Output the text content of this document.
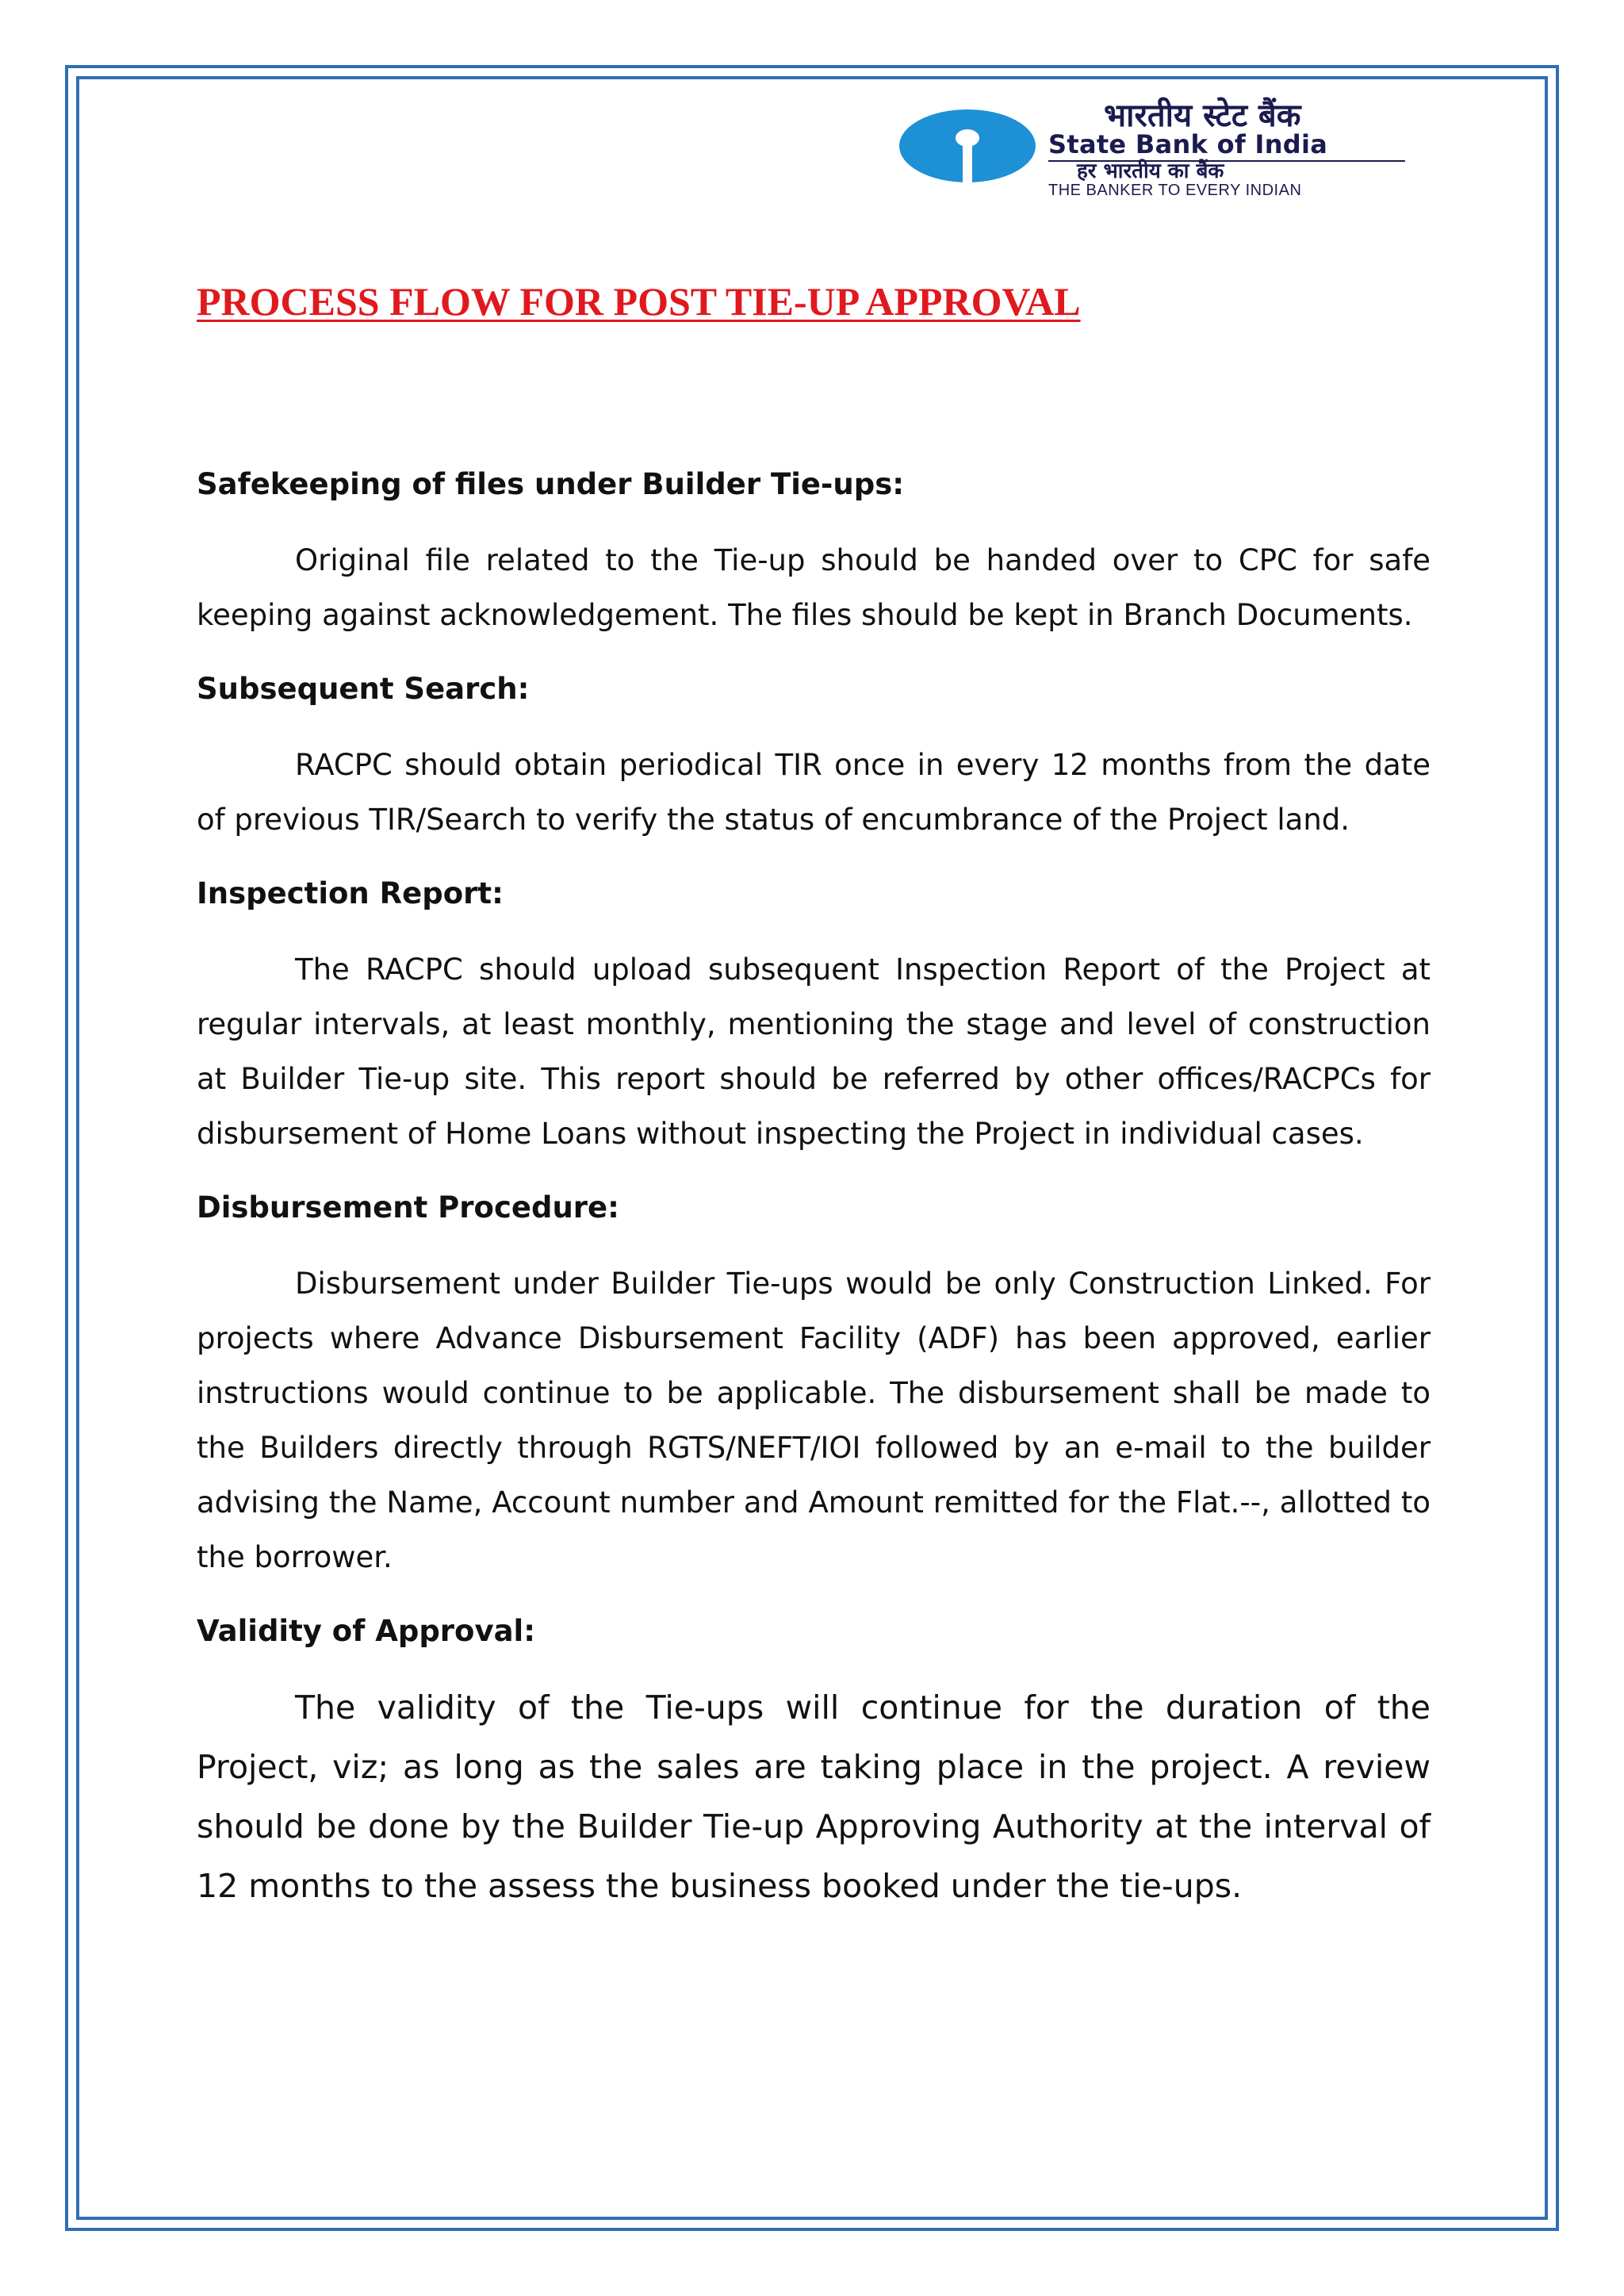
भारतीय स्टेट बैंक
State Bank of India
हर भारतीय का बैंक
THE BANKER TO EVERY INDIAN
PROCESS FLOW FOR POST TIE-UP APPROVAL
Safekeeping of files under Builder Tie-ups:

Original file related to the Tie-up should be handed over to CPC for safe keeping against acknowledgement. The files should be kept in Branch Documents.

Subsequent Search:

RACPC should obtain periodical TIR once in every 12 months from the date of previous TIR/Search to verify the status of encumbrance of the Project land.

Inspection Report:

The RACPC should upload subsequent Inspection Report of the Project at regular intervals, at least monthly, mentioning the stage and level of construction at Builder Tie-up site. This report should be referred by other offices/RACPCs for disbursement of Home Loans without inspecting the Project in individual cases.

Disbursement Procedure:

Disbursement under Builder Tie-ups would be only Construction Linked. For projects where Advance Disbursement Facility (ADF) has been approved, earlier instructions would continue to be applicable. The disbursement shall be made to the Builders directly through RGTS/NEFT/IOI followed by an e-mail to the builder advising the Name, Account number and Amount remitted for the Flat.--, allotted to the borrower.

Validity of Approval:

The validity of the Tie-ups will continue for the duration of the Project, viz; as long as the sales are taking place in the project. A review should be done by the Builder Tie-up Approving Authority at the interval of 12 months to the assess the business booked under the tie-ups.
